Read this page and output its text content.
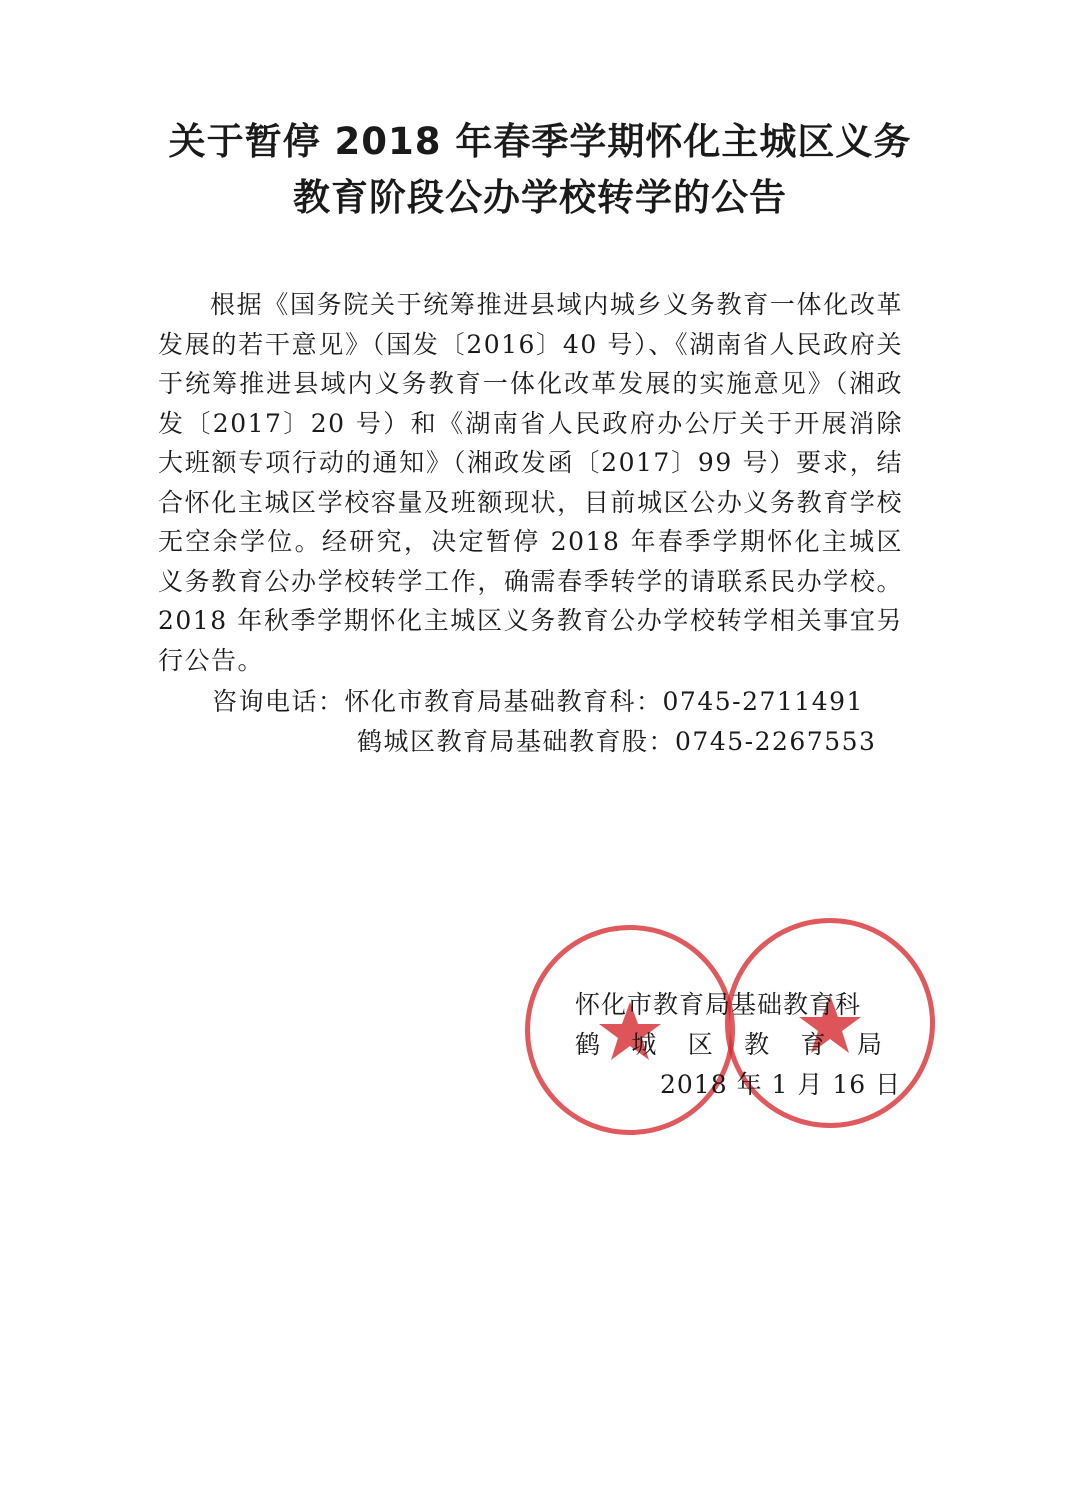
关于暂停 2018 年春季学期怀化主城区义务
教育阶段公办学校转学的公告

根据《国务院关于统筹推进县域内城乡义务教育一体化改革发展的若干意见》（国发〔2016〕40 号）、《湖南省人民政府关于统筹推进县域内义务教育一体化改革发展的实施意见》（湘政发〔2017〕20 号）和《湖南省人民政府办公厅关于开展消除大班额专项行动的通知》（湘政发函〔2017〕99 号）要求，结合怀化主城区学校容量及班额现状，目前城区公办义务教育学校无空余学位。经研究，决定暂停 2018 年春季学期怀化主城区义务教育公办学校转学工作，确需春季转学的请联系民办学校。2018 年秋季学期怀化主城区义务教育公办学校转学相关事宜另行公告。

咨询电话：怀化市教育局基础教育科：0745-2711491

鹤城区教育局基础教育股：0745-2267553

怀化市教育局基础教育科

鹤 城 区 教 育 局

2018 年 1 月 16 日
